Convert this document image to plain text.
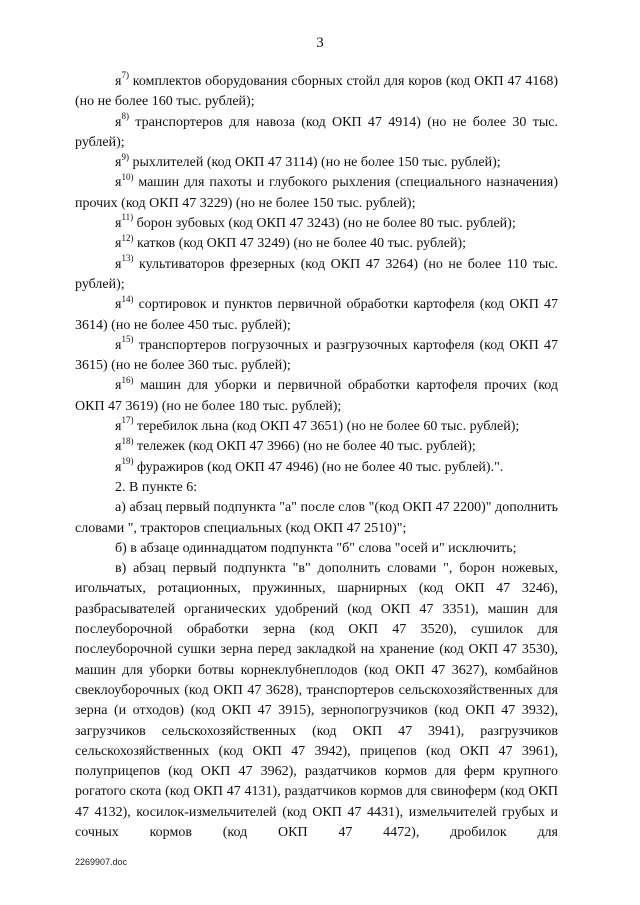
3

$я^{7)}$ комплектов оборудования сборных стойл для коров (код ОКП 47 4168) (но не более 160 тыс. рублей);

$я^{8)}$ транспортеров для навоза (код ОКП 47 4914) (но не более 30 тыс. рублей);

$я^{9)}$ рыхлителей (код ОКП 47 3114) (но не более 150 тыс. рублей);

$я^{10)}$ машин для пахоты и глубокого рыхления (специального назначения) прочих (код ОКП 47 3229) (но не более 150 тыс. рублей);

$я^{11)}$ борон зубовых (код ОКП 47 3243) (но не более 80 тыс. рублей);

$я^{12)}$ катков (код ОКП 47 3249) (но не более 40 тыс. рублей);

$я^{13)}$ культиваторов фрезерных (код ОКП 47 3264) (но не более 110 тыс. рублей);

$я^{14)}$ сортировок и пунктов первичной обработки картофеля (код ОКП 47 3614) (но не более 450 тыс. рублей);

$я^{15)}$ транспортеров погрузочных и разгрузочных картофеля (код ОКП 47 3615) (но не более 360 тыс. рублей);

$я^{16)}$ машин для уборки и первичной обработки картофеля прочих (код ОКП 47 3619) (но не более 180 тыс. рублей);

$я^{17)}$ теребилок льна (код ОКП 47 3651) (но не более 60 тыс. рублей);

$я^{18)}$ тележек (код ОКП 47 3966) (но не более 40 тыс. рублей);

$я^{19)}$ фуражиров (код ОКП 47 4946) (но не более 40 тыс. рублей).".

2. В пункте 6:

а) абзац первый подпункта "а" после слов "(код ОКП 47 2200)" дополнить словами ", тракторов специальных (код ОКП 47 2510)";

б) в абзаце одиннадцатом подпункта "б" слова "осей и" исключить;

в) абзац первый подпункта "в" дополнить словами ", борон ножевых, игольчатых, ротационных, пружинных, шарнирных (код ОКП 47 3246), разбрасывателей органических удобрений (код ОКП 47 3351), машин для послеуборочной обработки зерна (код ОКП 47 3520), сушилок для послеуборочной сушки зерна перед закладкой на хранение (код ОКП 47 3530), машин для уборки ботвы корнеклубнеплодов (код ОКП 47 3627), комбайнов свеклоуборочных (код ОКП 47 3628), транспортеров сельскохозяйственных для зерна (и отходов) (код ОКП 47 3915), зернопогрузчиков (код ОКП 47 3932), загрузчиков сельскохозяйственных (код ОКП 47 3941), разгрузчиков сельскохозяйственных (код ОКП 47 3942), прицепов (код ОКП 47 3961), полуприцепов (код ОКП 47 3962), раздатчиков кормов для ферм крупного рогатого скота (код ОКП 47 4131), раздатчиков кормов для свиноферм (код ОКП 47 4132), косилок-измельчителей (код ОКП 47 4431), измельчителей грубых и сочных кормов (код ОКП 47 4472), дробилок для

2269907.doc
